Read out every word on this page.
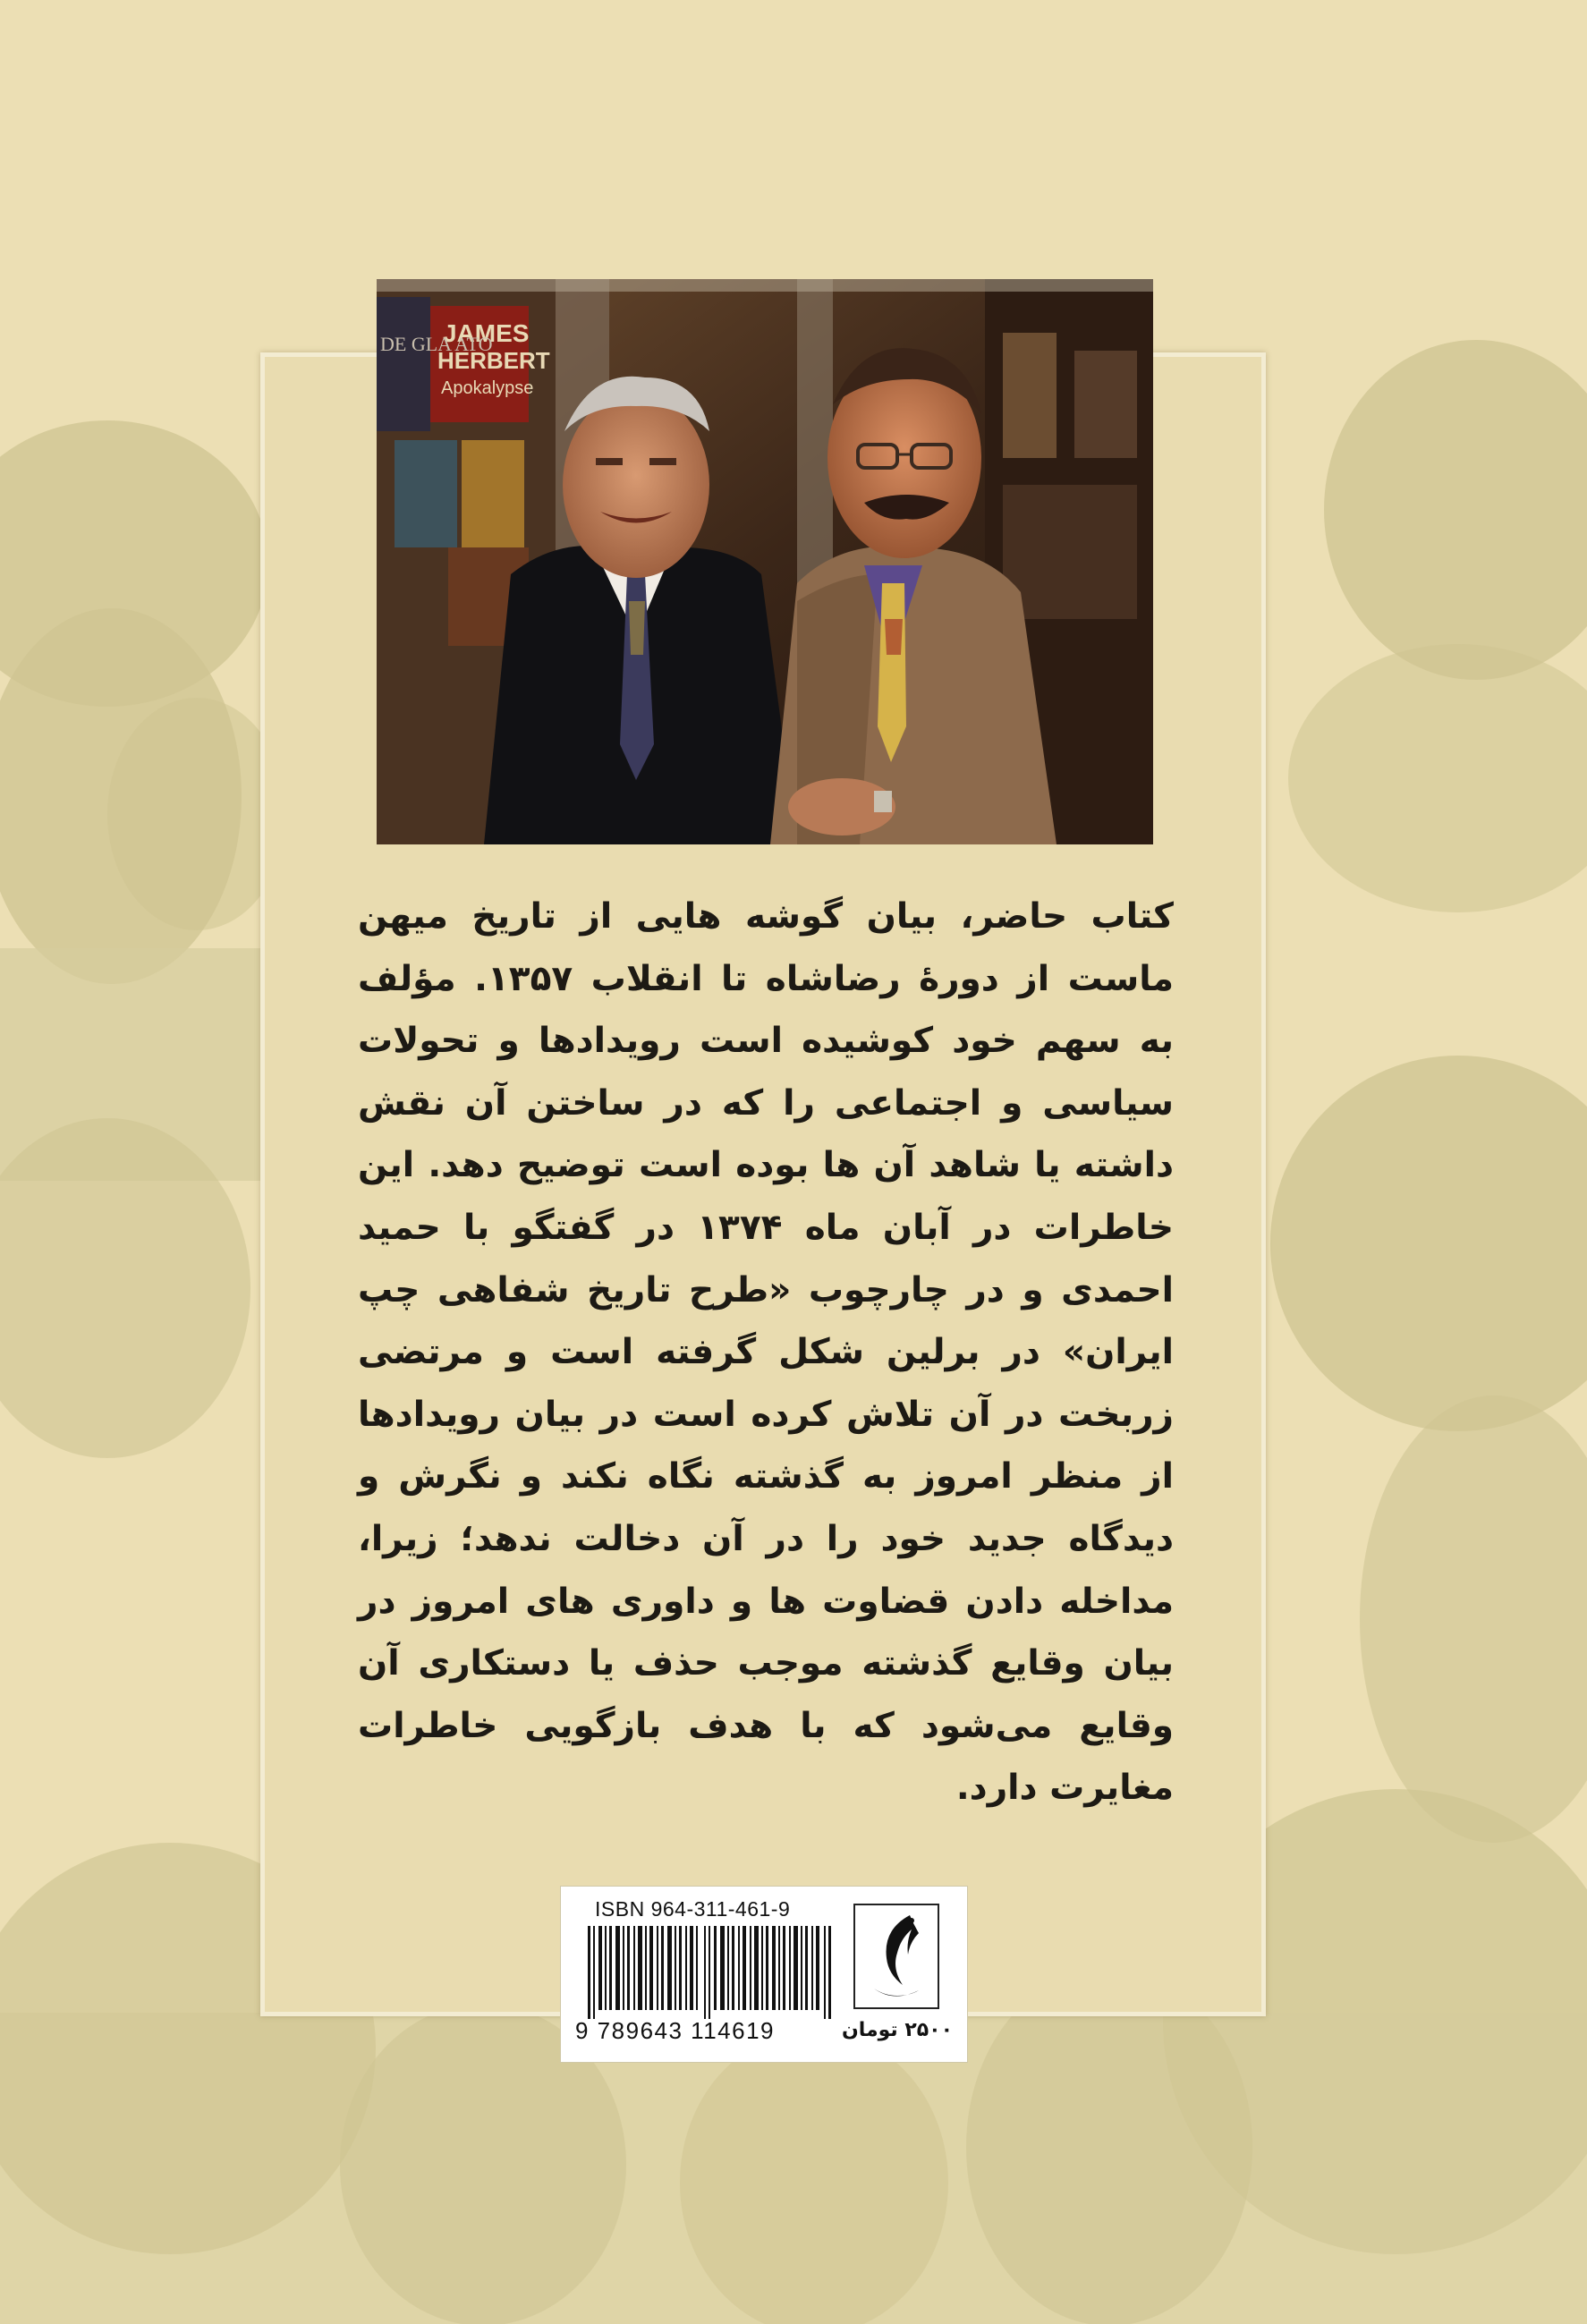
JAMES
HERBERT
Apokalypse
DE GLA ATO
کتاب حاضر، بیان گوشه هایی از تاریخ میهن ماست از دورۀ رضاشاه تا انقلاب ۱۳۵۷. مؤلف به سهم خود کوشیده است رویدادها و تحولات سیاسی و اجتماعی را که در ساختن آن نقش داشته یا شاهد آن ها بوده است توضیح دهد. این خاطرات در آبان ماه ۱۳۷۴ در گفتگو با حمید احمدی و در چارچوب «طرح تاریخ شفاهی چپ ایران» در برلین شکل گرفته است و مرتضی زربخت در آن تلاش کرده است در بیان رویدادها از منظر امروز به گذشته نگاه نکند و نگرش و دیدگاه جدید خود را در آن دخالت ندهد؛ زیرا، مداخله دادن قضاوت ها و داوری های امروز در بیان وقایع گذشته موجب حذف یا دستکاری آن وقایع می‌شود که با هدف بازگویی خاطرات مغایرت دارد.
ISBN 964-311-461-9
9 789643 114619	۲۵۰۰ تومان
